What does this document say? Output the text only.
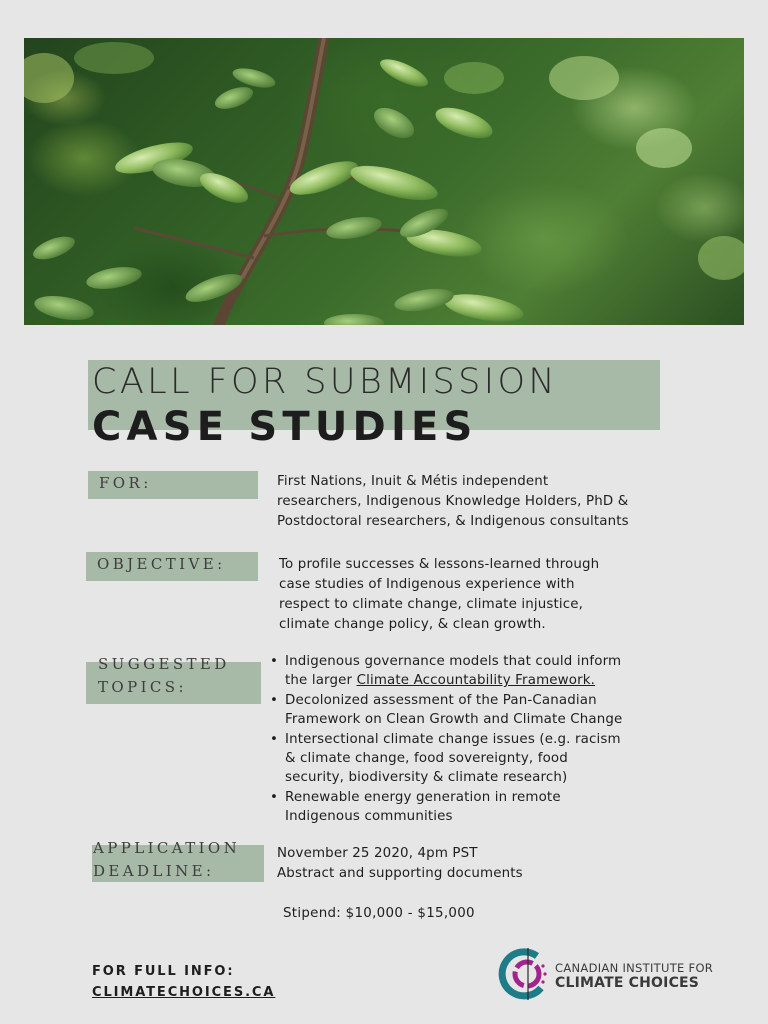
CALL FOR SUBMISSION
CASE STUDIES
FOR:	First Nations, Inuit & Métis independent

researchers, Indigenous Knowledge Holders, PhD &

Postdoctoral researchers, & Indigenous consultants

OBJECTIVE:	To profile successes & lessons-learned through

case studies of Indigenous experience with

respect to climate change, climate injustice,

climate change policy, & clean growth.

SUGGESTED
TOPICS:
• Indigenous governance models that could inform
the larger Climate Accountability Framework.
• Decolonized assessment of the Pan-Canadian
Framework on Clean Growth and Climate Change
• Intersectional climate change issues (e.g. racism
& climate change, food sovereignty, food
security, biodiversity & climate research)
• Renewable energy generation in remote
Indigenous communities
APPLICATION
DEADLINE:

November 25 2020, 4pm PST

Abstract and supporting documents

Stipend: $10,000 - $15,000
FOR FULL INFO:
CLIMATECHOICES.CA
CANADIAN INSTITUTE FOR
CLIMATE CHOICES
